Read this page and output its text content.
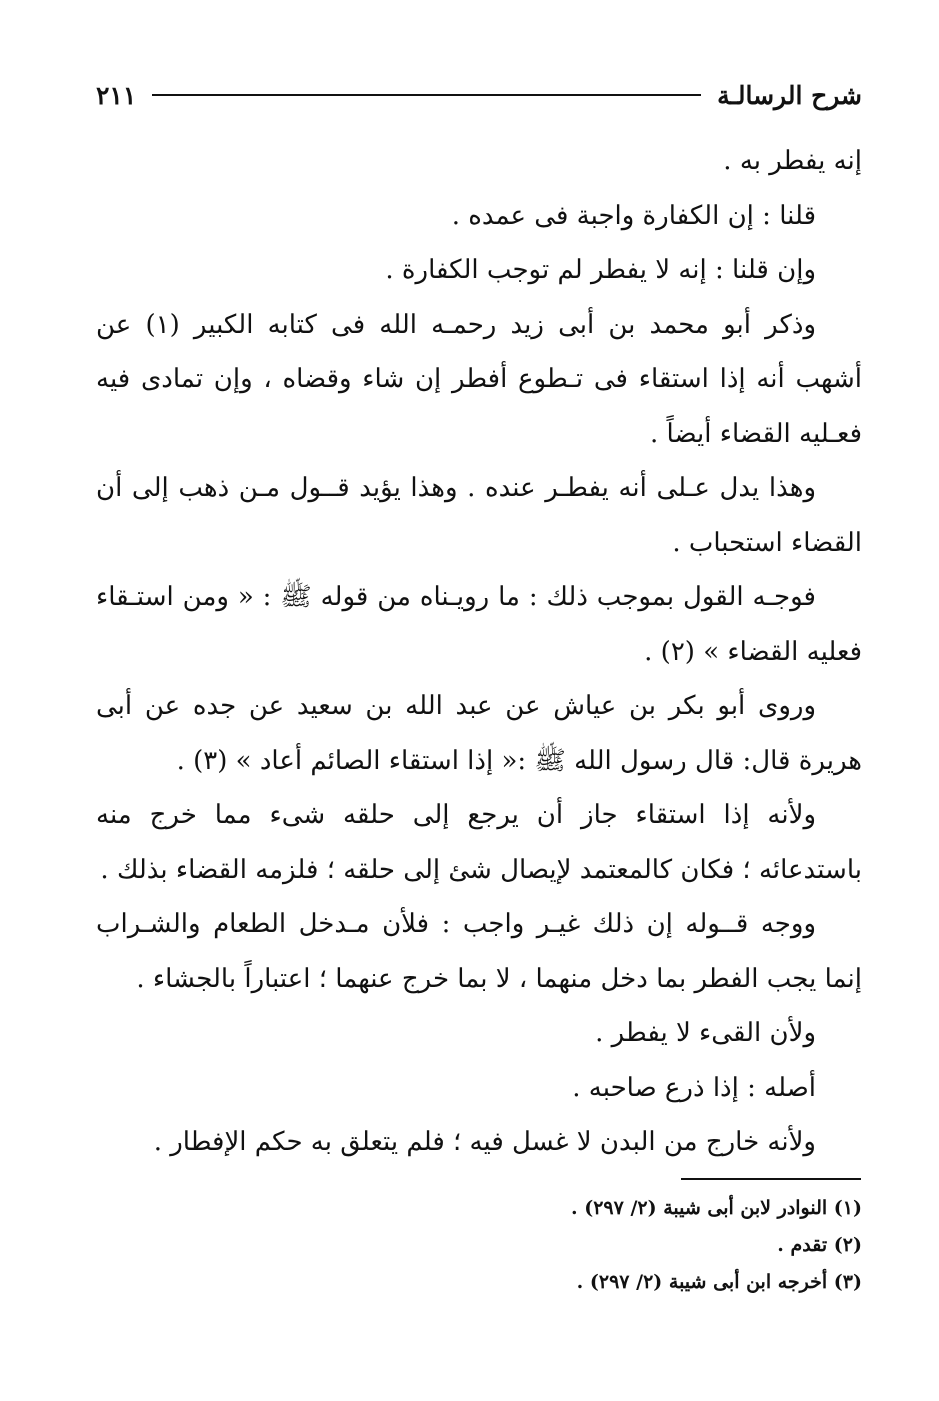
شرح الرسالـة
٢١١

إنه يفطر به .

قلنا : إن الكفارة واجبة فى عمده .

وإن قلنا : إنه لا يفطر لم توجب الكفارة .

وذكر أبو محمد بن أبى زيد رحمـه الله فى كتابه الكبير (١) عن أشهب أنه إذا استقاء فى تـطوع أفطر إن شاء وقضاه ، وإن تمادى فيه فعـليه القضاء أيضاً .

وهذا يدل عـلى أنه يفطـر عنده . وهذا يؤيد قــول مـن ذهب إلى أن القضاء استحباب .

فوجـه القول بموجب ذلك : ما رويـناه من قوله ﷺ : « ومن استـقاء فعليه القضاء » (٢) .

وروى أبو بكر بن عياش عن عبد الله بن سعيد عن جده عن أبى هريرة قال: قال رسول الله ﷺ :« إذا استقاء الصائم أعاد » (٣) .

ولأنه إذا استقاء جاز أن يرجع إلى حلقه شىء مما خرج منه باستدعائه ؛ فكان كالمعتمد لإيصال شئ إلى حلقه ؛ فلزمه القضاء بذلك .

ووجه قــوله إن ذلك غيـر واجب : فلأن مـدخل الطعام والشـراب إنما يجب الفطر بما دخل منهما ، لا بما خرج عنهما ؛ اعتباراً بالجشاء .

ولأن القىء لا يفطر .

أصله : إذا ذرع صاحبه .

ولأنه خارج من البدن لا غسل فيه ؛ فلم يتعلق به حكم الإفطار .

(١) النوادر لابن أبى شيبة (٢/ ٢٩٧) .

(٢) تقدم .

(٣) أخرجه ابن أبى شيبة (٢/ ٢٩٧) .
